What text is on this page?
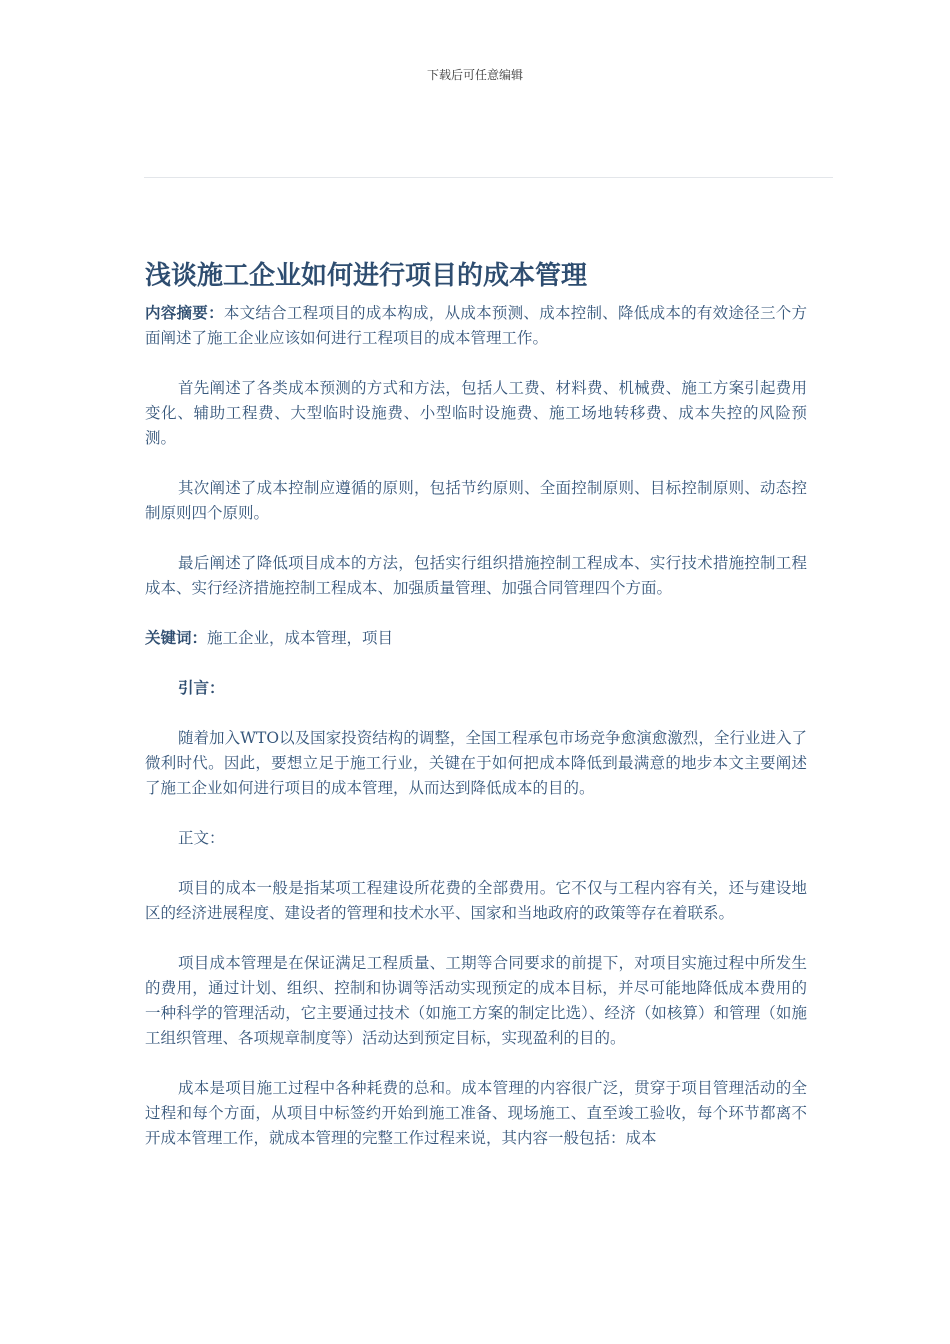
下载后可任意编辑
浅谈施工企业如何进行项目的成本管理

内容摘要：本文结合工程项目的成本构成，从成本预测、成本控制、降低成本的有效途径三个方面阐述了施工企业应该如何进行工程项目的成本管理工作。

首先阐述了各类成本预测的方式和方法，包括人工费、材料费、机械费、施工方案引起费用变化、辅助工程费、大型临时设施费、小型临时设施费、施工场地转移费、成本失控的风险预测。

其次阐述了成本控制应遵循的原则，包括节约原则、全面控制原则、目标控制原则、动态控制原则四个原则。

最后阐述了降低项目成本的方法，包括实行组织措施控制工程成本、实行技术措施控制工程成本、实行经济措施控制工程成本、加强质量管理、加强合同管理四个方面。

关键词：施工企业，成本管理，项目

引言：

随着加入WTO以及国家投资结构的调整，全国工程承包市场竞争愈演愈激烈，全行业进入了微利时代。因此，要想立足于施工行业，关键在于如何把成本降低到最满意的地步本文主要阐述了施工企业如何进行项目的成本管理，从而达到降低成本的目的。

正文：

项目的成本一般是指某项工程建设所花费的全部费用。它不仅与工程内容有关，还与建设地区的经济进展程度、建设者的管理和技术水平、国家和当地政府的政策等存在着联系。

项目成本管理是在保证满足工程质量、工期等合同要求的前提下，对项目实施过程中所发生的费用，通过计划、组织、控制和协调等活动实现预定的成本目标，并尽可能地降低成本费用的一种科学的管理活动，它主要通过技术（如施工方案的制定比选）、经济（如核算）和管理（如施工组织管理、各项规章制度等）活动达到预定目标，实现盈利的目的。

成本是项目施工过程中各种耗费的总和。成本管理的内容很广泛，贯穿于项目管理活动的全过程和每个方面，从项目中标签约开始到施工准备、现场施工、直至竣工验收，每个环节都离不开成本管理工作，就成本管理的完整工作过程来说，其内容一般包括：成本
